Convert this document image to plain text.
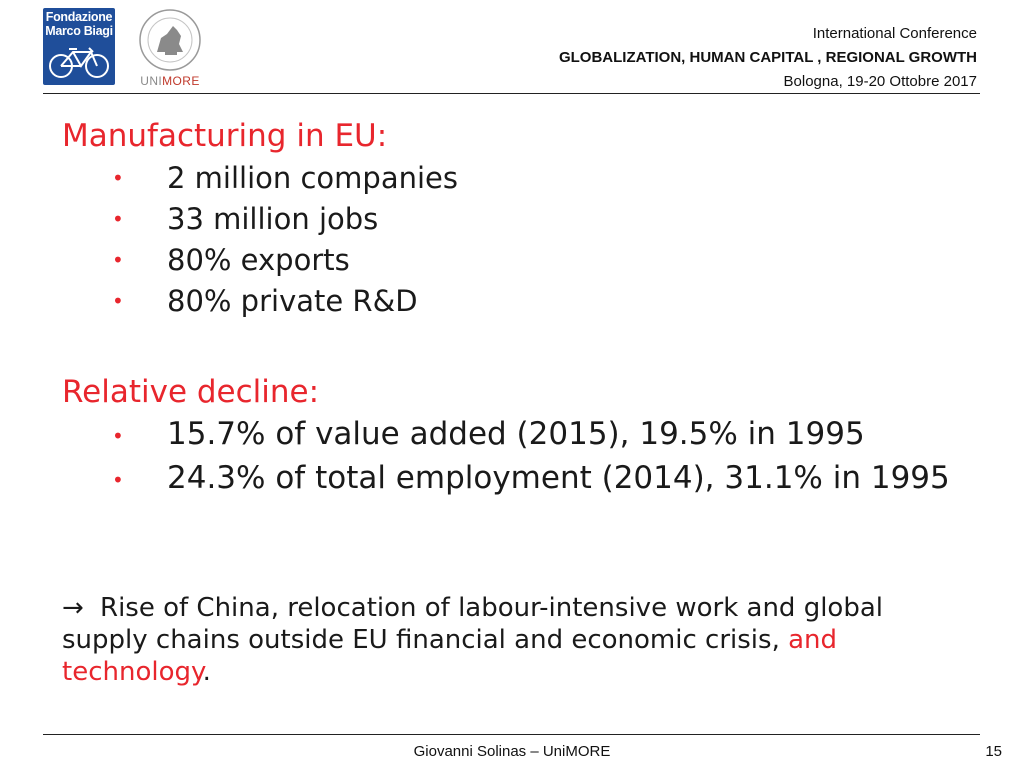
Fondazione
Marco Biagi
UNIMORE
International Conference
GLOBALIZATION, HUMAN CAPITAL , REGIONAL GROWTH
Bologna, 19-20 Ottobre 2017
Manufacturing in EU:
• 2 million companies
• 33 million jobs
• 80% exports
• 80% private R&D
Relative decline:
• 15.7% of value added (2015), 19.5% in 1995
• 24.3% of total employment (2014), 31.1% in 1995

→ Rise of China, relocation of labour-intensive work and global supply chains outside EU financial and economic crisis, and technology.

Giovanni Solinas – UniMORE	15
